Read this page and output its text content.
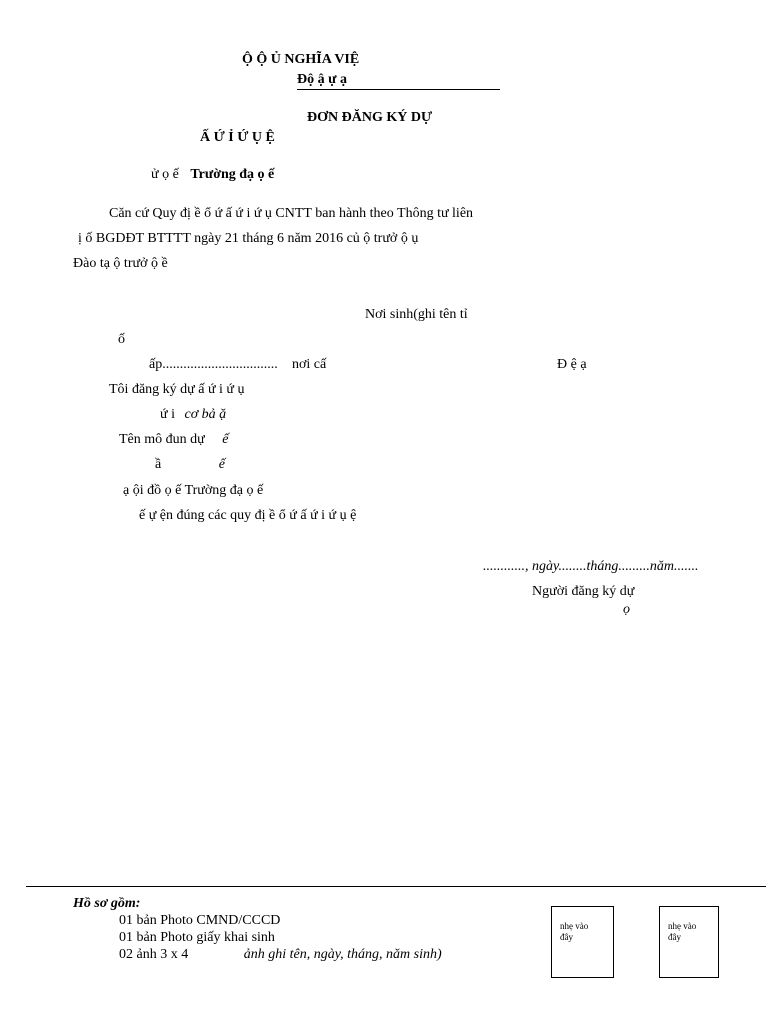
Ộ Ộ Ủ NGHĨA VIỆ
Độ ậ ự ạ
ĐƠN ĐĂNG KÝ DỰ
Ấ Ứ Ỉ Ứ Ụ Ệ
ử ọ ế Trường đạ ọ ế
Căn cứ Quy đị ề ổ ứ ấ ứ i ứ ụ CNTT ban hành theo Thông tư liên
ị ố BGDĐT BTTTT ngày 21 tháng 6 năm 2016 củ ộ trưở ộ ụ
Đào tạ ộ trưở ộ ề
Nơi sinh(ghi tên tỉ
ố
ấp................................. nơi cấ	Đ ệ ạ
Tôi đăng ký dự ấ ứ i ứ ụ
ứ i cơ bả ặ
Tên mô đun dự ế
ầ	ế
ạ ội đồ ọ ế Trường đạ ọ ế
ế ự ện đúng các quy đị ề ổ ứ ấ ứ i ứ ụ ệ
............, ngày........tháng.........năm.......
Người đăng ký dự
ọ
Hồ sơ gồm:
01 bản Photo CMND/CCCD
01 bản Photo giấy khai sinh
02 ảnh 3 x 4	ảnh ghi tên, ngày, tháng, năm sinh)
nhẹ vào
đây
nhẹ vào
đây
